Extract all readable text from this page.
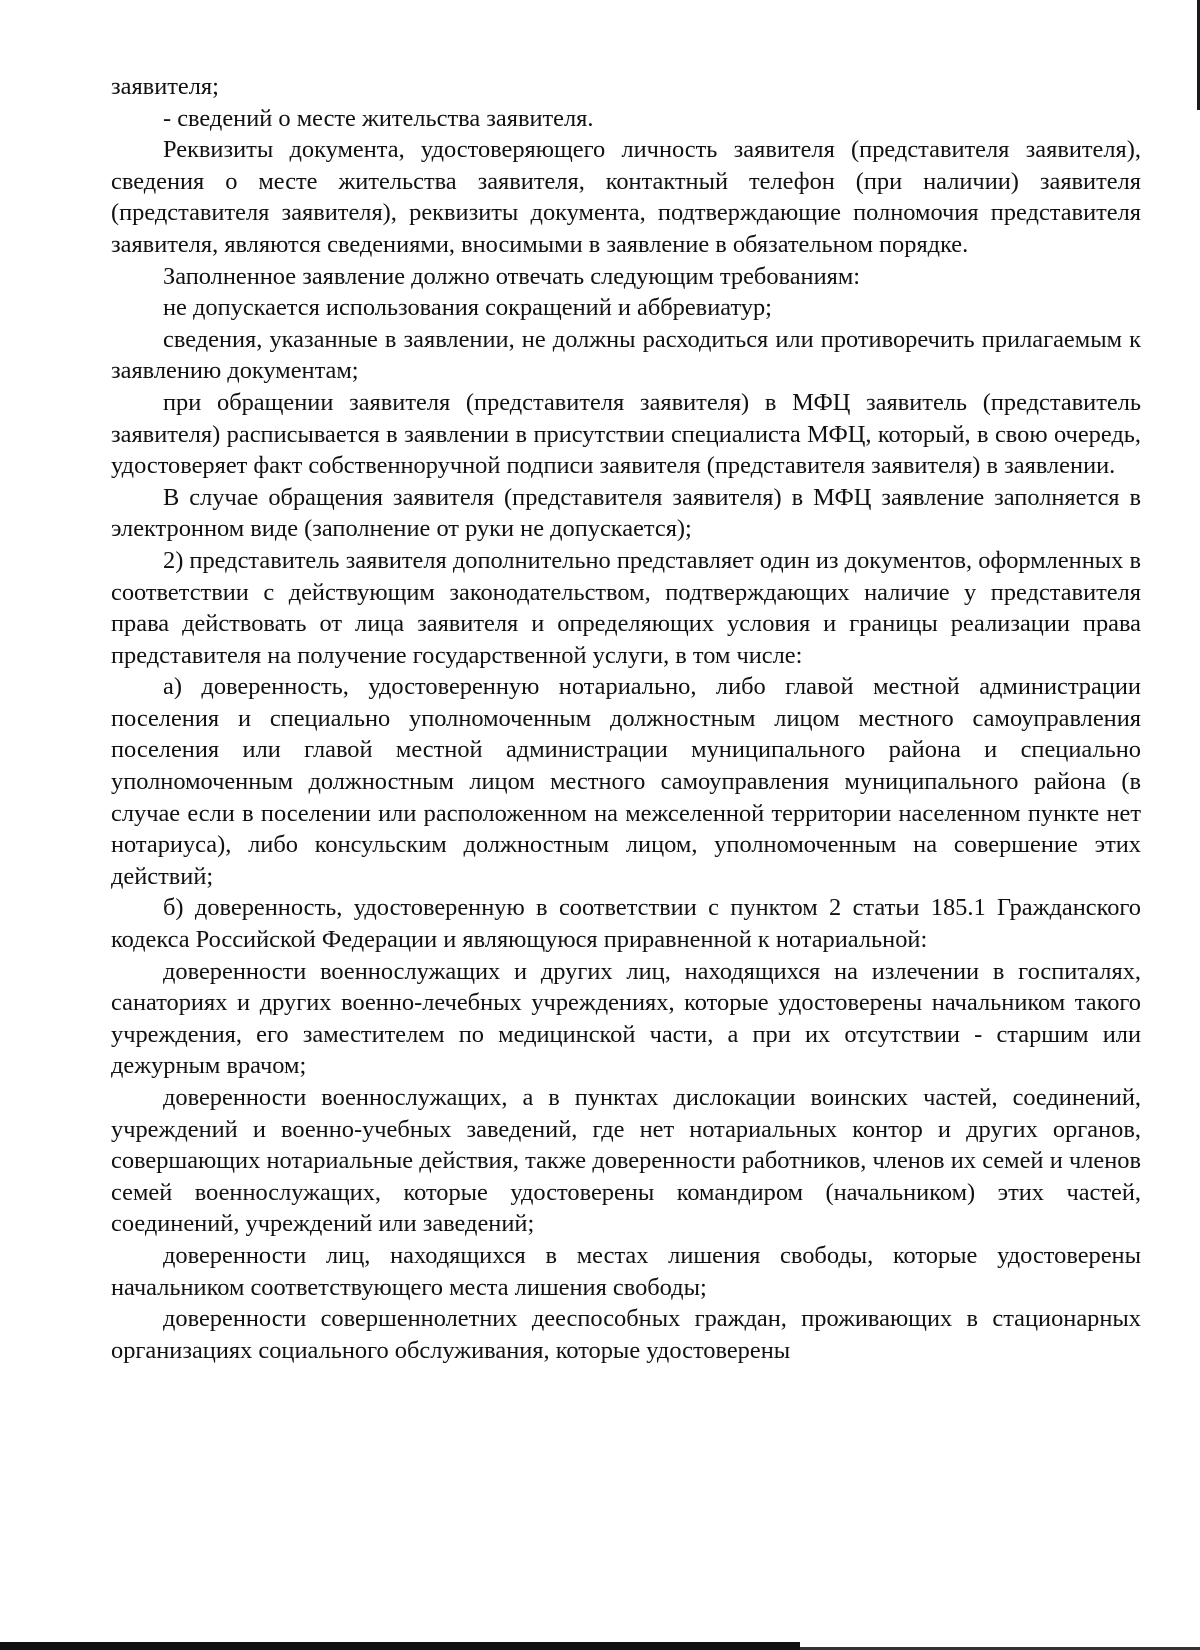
заявителя;

- сведений о месте жительства заявителя.

Реквизиты документа, удостоверяющего личность заявителя (представителя заявителя), сведения о месте жительства заявителя, контактный телефон (при наличии) заявителя (представителя заявителя), реквизиты документа, подтверждающие полномочия представителя заявителя, являются сведениями, вносимыми в заявление в обязательном порядке.

Заполненное заявление должно отвечать следующим требованиям:

не допускается использования сокращений и аббревиатур;

сведения, указанные в заявлении, не должны расходиться или противоречить прилагаемым к заявлению документам;

при обращении заявителя (представителя заявителя) в МФЦ заявитель (представитель заявителя) расписывается в заявлении в присутствии специалиста МФЦ, который, в свою очередь, удостоверяет факт собственноручной подписи заявителя (представителя заявителя) в заявлении.

В случае обращения заявителя (представителя заявителя) в МФЦ заявление заполняется в электронном виде (заполнение от руки не допускается);

2) представитель заявителя дополнительно представляет один из документов, оформленных в соответствии с действующим законодательством, подтверждающих наличие у представителя права действовать от лица заявителя и определяющих условия и границы реализации права представителя на получение государственной услуги, в том числе:

а) доверенность, удостоверенную нотариально, либо главой местной администрации поселения и специально уполномоченным должностным лицом местного самоуправления поселения или главой местной администрации муниципального района и специально уполномоченным должностным лицом местного самоуправления муниципального района (в случае если в поселении или расположенном на межселенной территории населенном пункте нет нотариуса), либо консульским должностным лицом, уполномоченным на совершение этих действий;

б) доверенность, удостоверенную в соответствии с пунктом 2 статьи 185.1 Гражданского кодекса Российской Федерации и являющуюся приравненной к нотариальной:

доверенности военнослужащих и других лиц, находящихся на излечении в госпиталях, санаториях и других военно-лечебных учреждениях, которые удостоверены начальником такого учреждения, его заместителем по медицинской части, а при их отсутствии - старшим или дежурным врачом;

доверенности военнослужащих, а в пунктах дислокации воинских частей, соединений, учреждений и военно-учебных заведений, где нет нотариальных контор и других органов, совершающих нотариальные действия, также доверенности работников, членов их семей и членов семей военнослужащих, которые удостоверены командиром (начальником) этих частей, соединений, учреждений или заведений;

доверенности лиц, находящихся в местах лишения свободы, которые удостоверены начальником соответствующего места лишения свободы;

доверенности совершеннолетних дееспособных граждан, проживающих в стационарных организациях социального обслуживания, которые удостоверены
